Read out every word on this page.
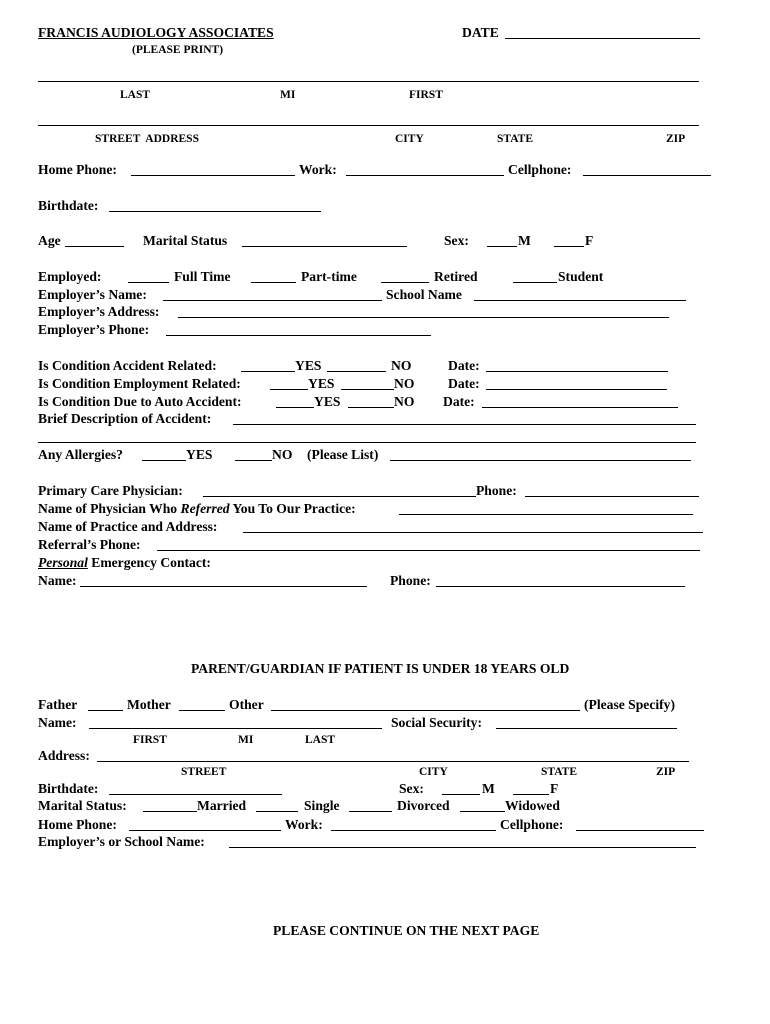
FRANCIS AUDIOLOGY ASSOCIATES	DATE
(PLEASE PRINT)
LAST	MI	FIRST
STREET  ADDRESS	CITY	STATE	ZIP
Home Phone:	Work:	Cellphone:
Birthdate:
Age	Marital Status	Sex:	M	F
Employed:	Full Time	Part-time	Retired	Student
Employer’s Name:	School Name
Employer’s Address:
Employer’s Phone:
Is Condition Accident Related:	YES	NO	Date:
Is Condition Employment Related:	YES	NO Date:
Is Condition Due to Auto Accident:	YES	NO Date:
Brief Description of Accident:
Any Allergies?	YES	NO (Please List)
Primary Care Physician:	Phone:
Name of Physician Who Referred You To Our Practice:
Name of Practice and Address:
Referral’s Phone:
Personal Emergency Contact:
Name:	Phone:
PARENT/GUARDIAN IF PATIENT IS UNDER 18 YEARS OLD
Father	Mother	Other	(Please Specify)
Name:	Social Security:
FIRST	MI	LAST
Address:
STREET	CITY	STATE	ZIP
Birthdate:	Sex:	M	F
Marital Status:	Married	Single	Divorced	Widowed
Home Phone:	Work:	Cellphone:
Employer’s or School Name:
PLEASE CONTINUE ON THE NEXT PAGE
